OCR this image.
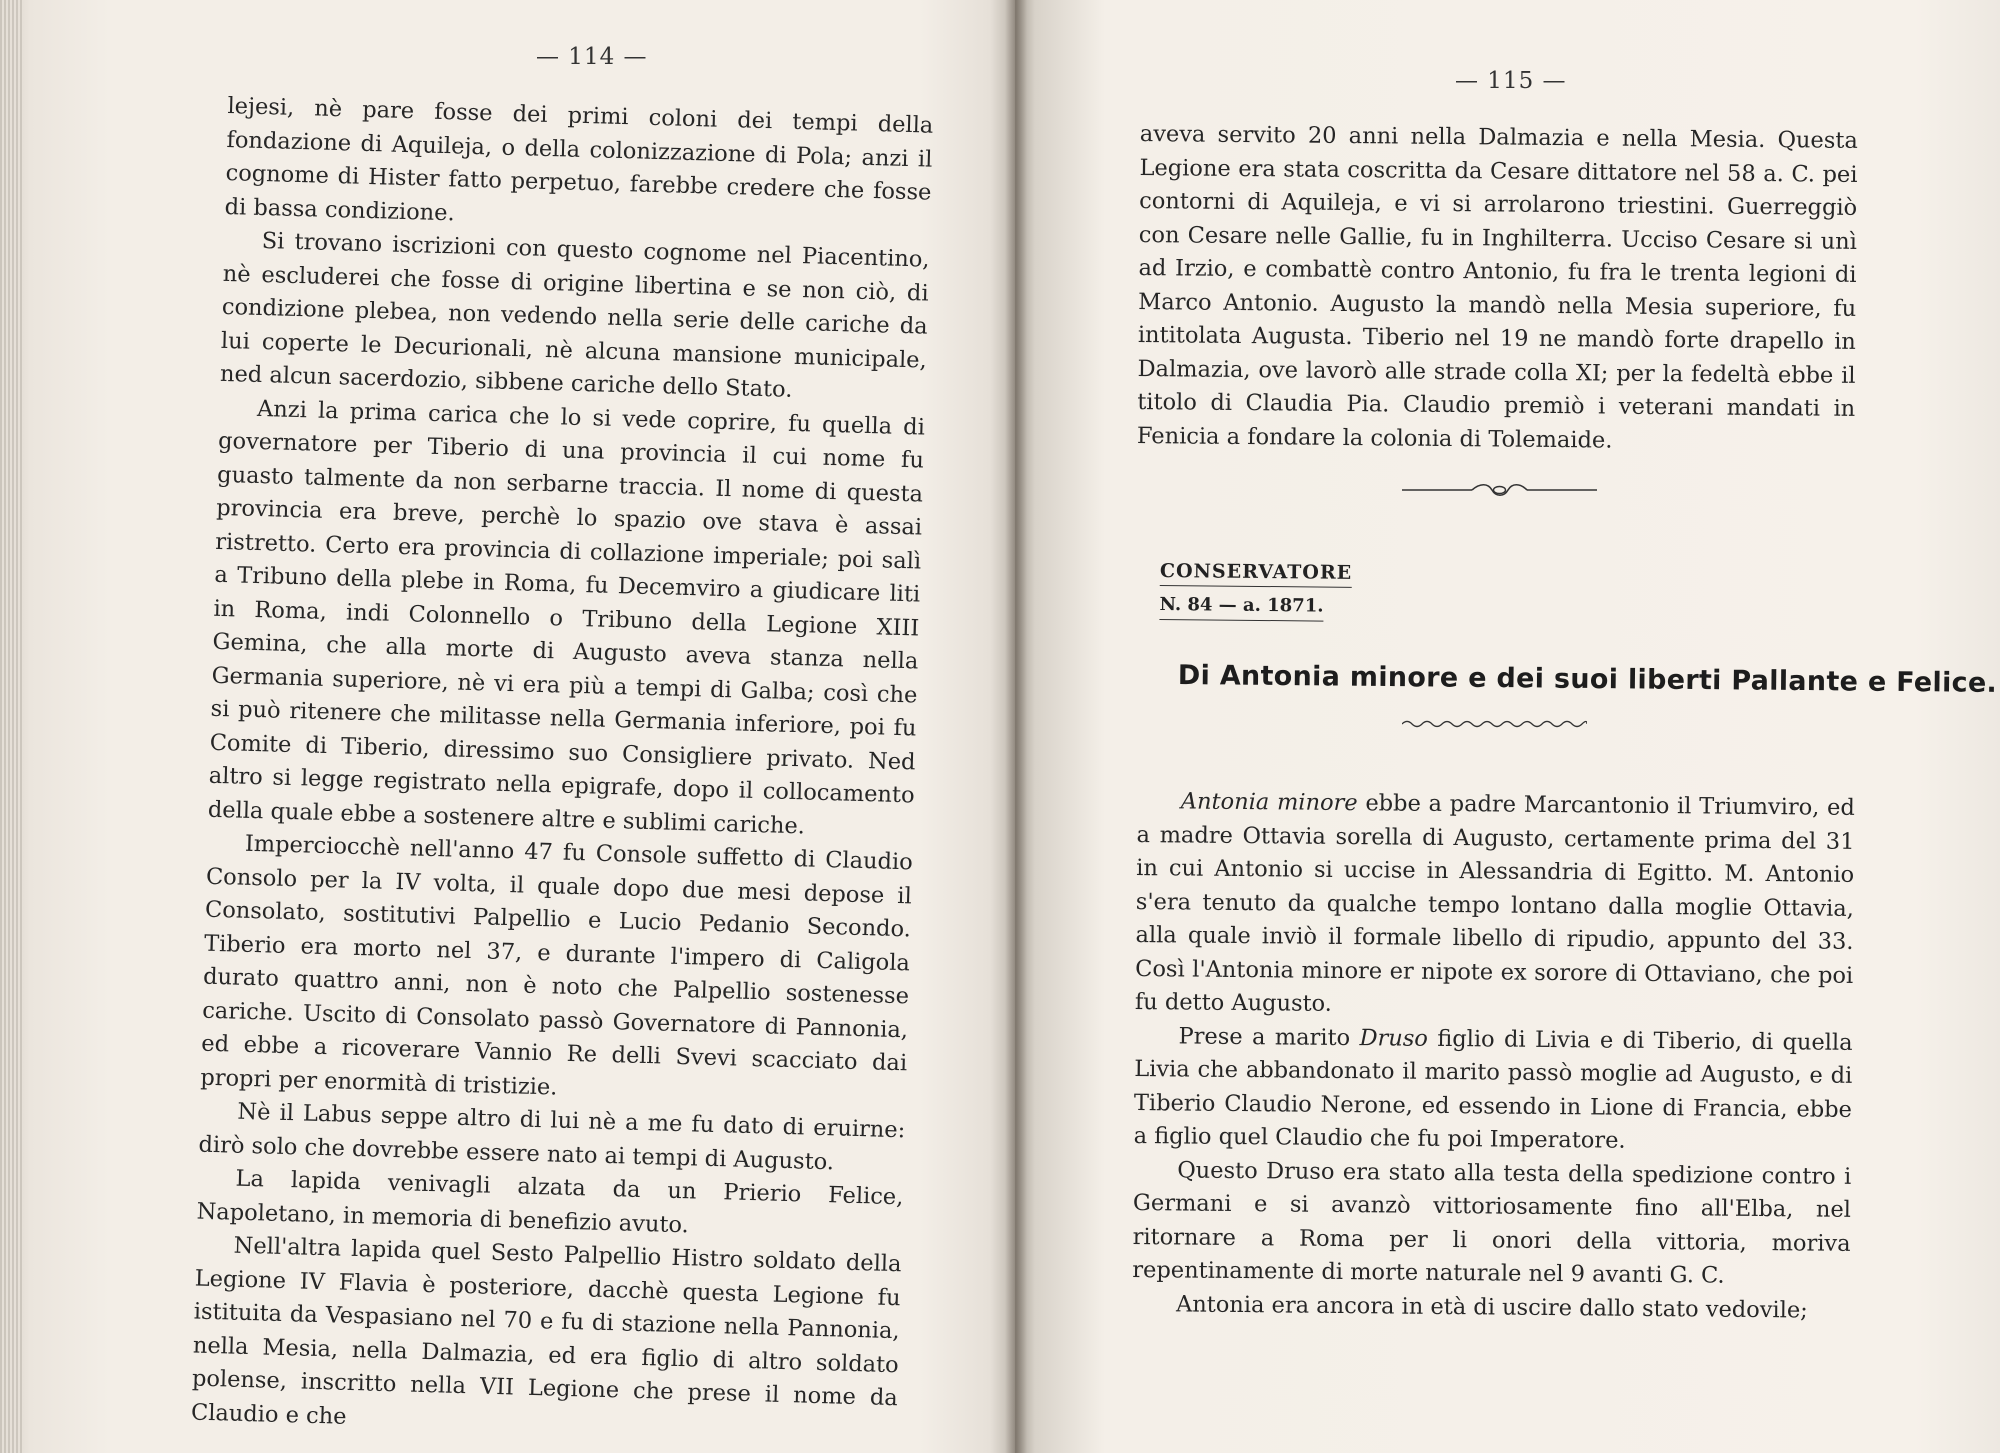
— 114 —

lejesi, nè pare fosse dei primi coloni dei tempi della fondazione di Aquileja, o della colonizzazione di Pola; anzi il cognome di Hister fatto perpetuo, farebbe credere che fosse di bassa condizione.

Si trovano iscrizioni con questo cognome nel Piacentino, nè escluderei che fosse di origine libertina e se non ciò, di condizione plebea, non vedendo nella serie delle cariche da lui coperte le Decurionali, nè alcuna mansione municipale, ned alcun sacerdozio, sibbene cariche dello Stato.

Anzi la prima carica che lo si vede coprire, fu quella di governatore per Tiberio di una provincia il cui nome fu guasto talmente da non serbarne traccia. Il nome di questa provincia era breve, perchè lo spazio ove stava è assai ristretto. Certo era provincia di collazione imperiale; poi salì a Tribuno della plebe in Roma, fu Decemviro a giudicare liti in Roma, indi Colonnello o Tribuno della Legione XIII Gemina, che alla morte di Augusto aveva stanza nella Germania superiore, nè vi era più a tempi di Galba; così che si può ritenere che militasse nella Germania inferiore, poi fu Comite di Tiberio, diressimo suo Consigliere privato. Ned altro si legge registrato nella epigrafe, dopo il collocamento della quale ebbe a sostenere altre e sublimi cariche.

Imperciocchè nell'anno 47 fu Console suffetto di Claudio Consolo per la IV volta, il quale dopo due mesi depose il Consolato, sostitutivi Palpellio e Lucio Pedanio Secondo. Tiberio era morto nel 37, e durante l'impero di Caligola durato quattro anni, non è noto che Palpellio sostenesse cariche. Uscito di Consolato passò Governatore di Pannonia, ed ebbe a ricoverare Vannio Re delli Svevi scacciato dai propri per enormità di tristizie.

Nè il Labus seppe altro di lui nè a me fu dato di eruirne: dirò solo che dovrebbe essere nato ai tempi di Augusto.

La lapida venivagli alzata da un Prierio Felice, Napoletano, in memoria di benefizio avuto.

Nell'altra lapida quel Sesto Palpellio Histro soldato della Legione IV Flavia è posteriore, dacchè questa Legione fu istituita da Vespasiano nel 70 e fu di stazione nella Pannonia, nella Mesia, nella Dalmazia, ed era figlio di altro soldato polense, inscritto nella VII Legione che prese il nome da Claudio e che

— 115 —

aveva servito 20 anni nella Dalmazia e nella Mesia. Questa Legione era stata coscritta da Cesare dittatore nel 58 a. C. pei contorni di Aquileja, e vi si arrolarono triestini. Guerreggiò con Cesare nelle Gallie, fu in Inghilterra. Ucciso Cesare si unì ad Irzio, e combattè contro Antonio, fu fra le trenta legioni di Marco Antonio. Augusto la mandò nella Mesia superiore, fu intitolata Augusta. Tiberio nel 19 ne mandò forte drapello in Dalmazia, ove lavorò alle strade colla XI; per la fedeltà ebbe il titolo di Claudia Pia. Claudio premiò i veterani mandati in Fenicia a fondare la colonia di Tolemaide.

CONSERVATORE
N. 84 — a. 1871.
Di Antonia minore e dei suoi liberti Pallante e Felice.

Antonia minore ebbe a padre Marcantonio il Triumviro, ed a madre Ottavia sorella di Augusto, certamente prima del 31 in cui Antonio si uccise in Alessandria di Egitto. M. Antonio s'era tenuto da qualche tempo lontano dalla moglie Ottavia, alla quale inviò il formale libello di ripudio, appunto del 33. Così l'Antonia minore er nipote ex sorore di Ottaviano, che poi fu detto Augusto.

Prese a marito Druso figlio di Livia e di Tiberio, di quella Livia che abbandonato il marito passò moglie ad Augusto, e di Tiberio Claudio Nerone, ed essendo in Lione di Francia, ebbe a figlio quel Claudio che fu poi Imperatore.

Questo Druso era stato alla testa della spedizione contro i Germani e si avanzò vittoriosamente fino all'Elba, nel ritornare a Roma per li onori della vittoria, moriva repentinamente di morte naturale nel 9 avanti G. C.

Antonia era ancora in età di uscire dallo stato vedovile;
